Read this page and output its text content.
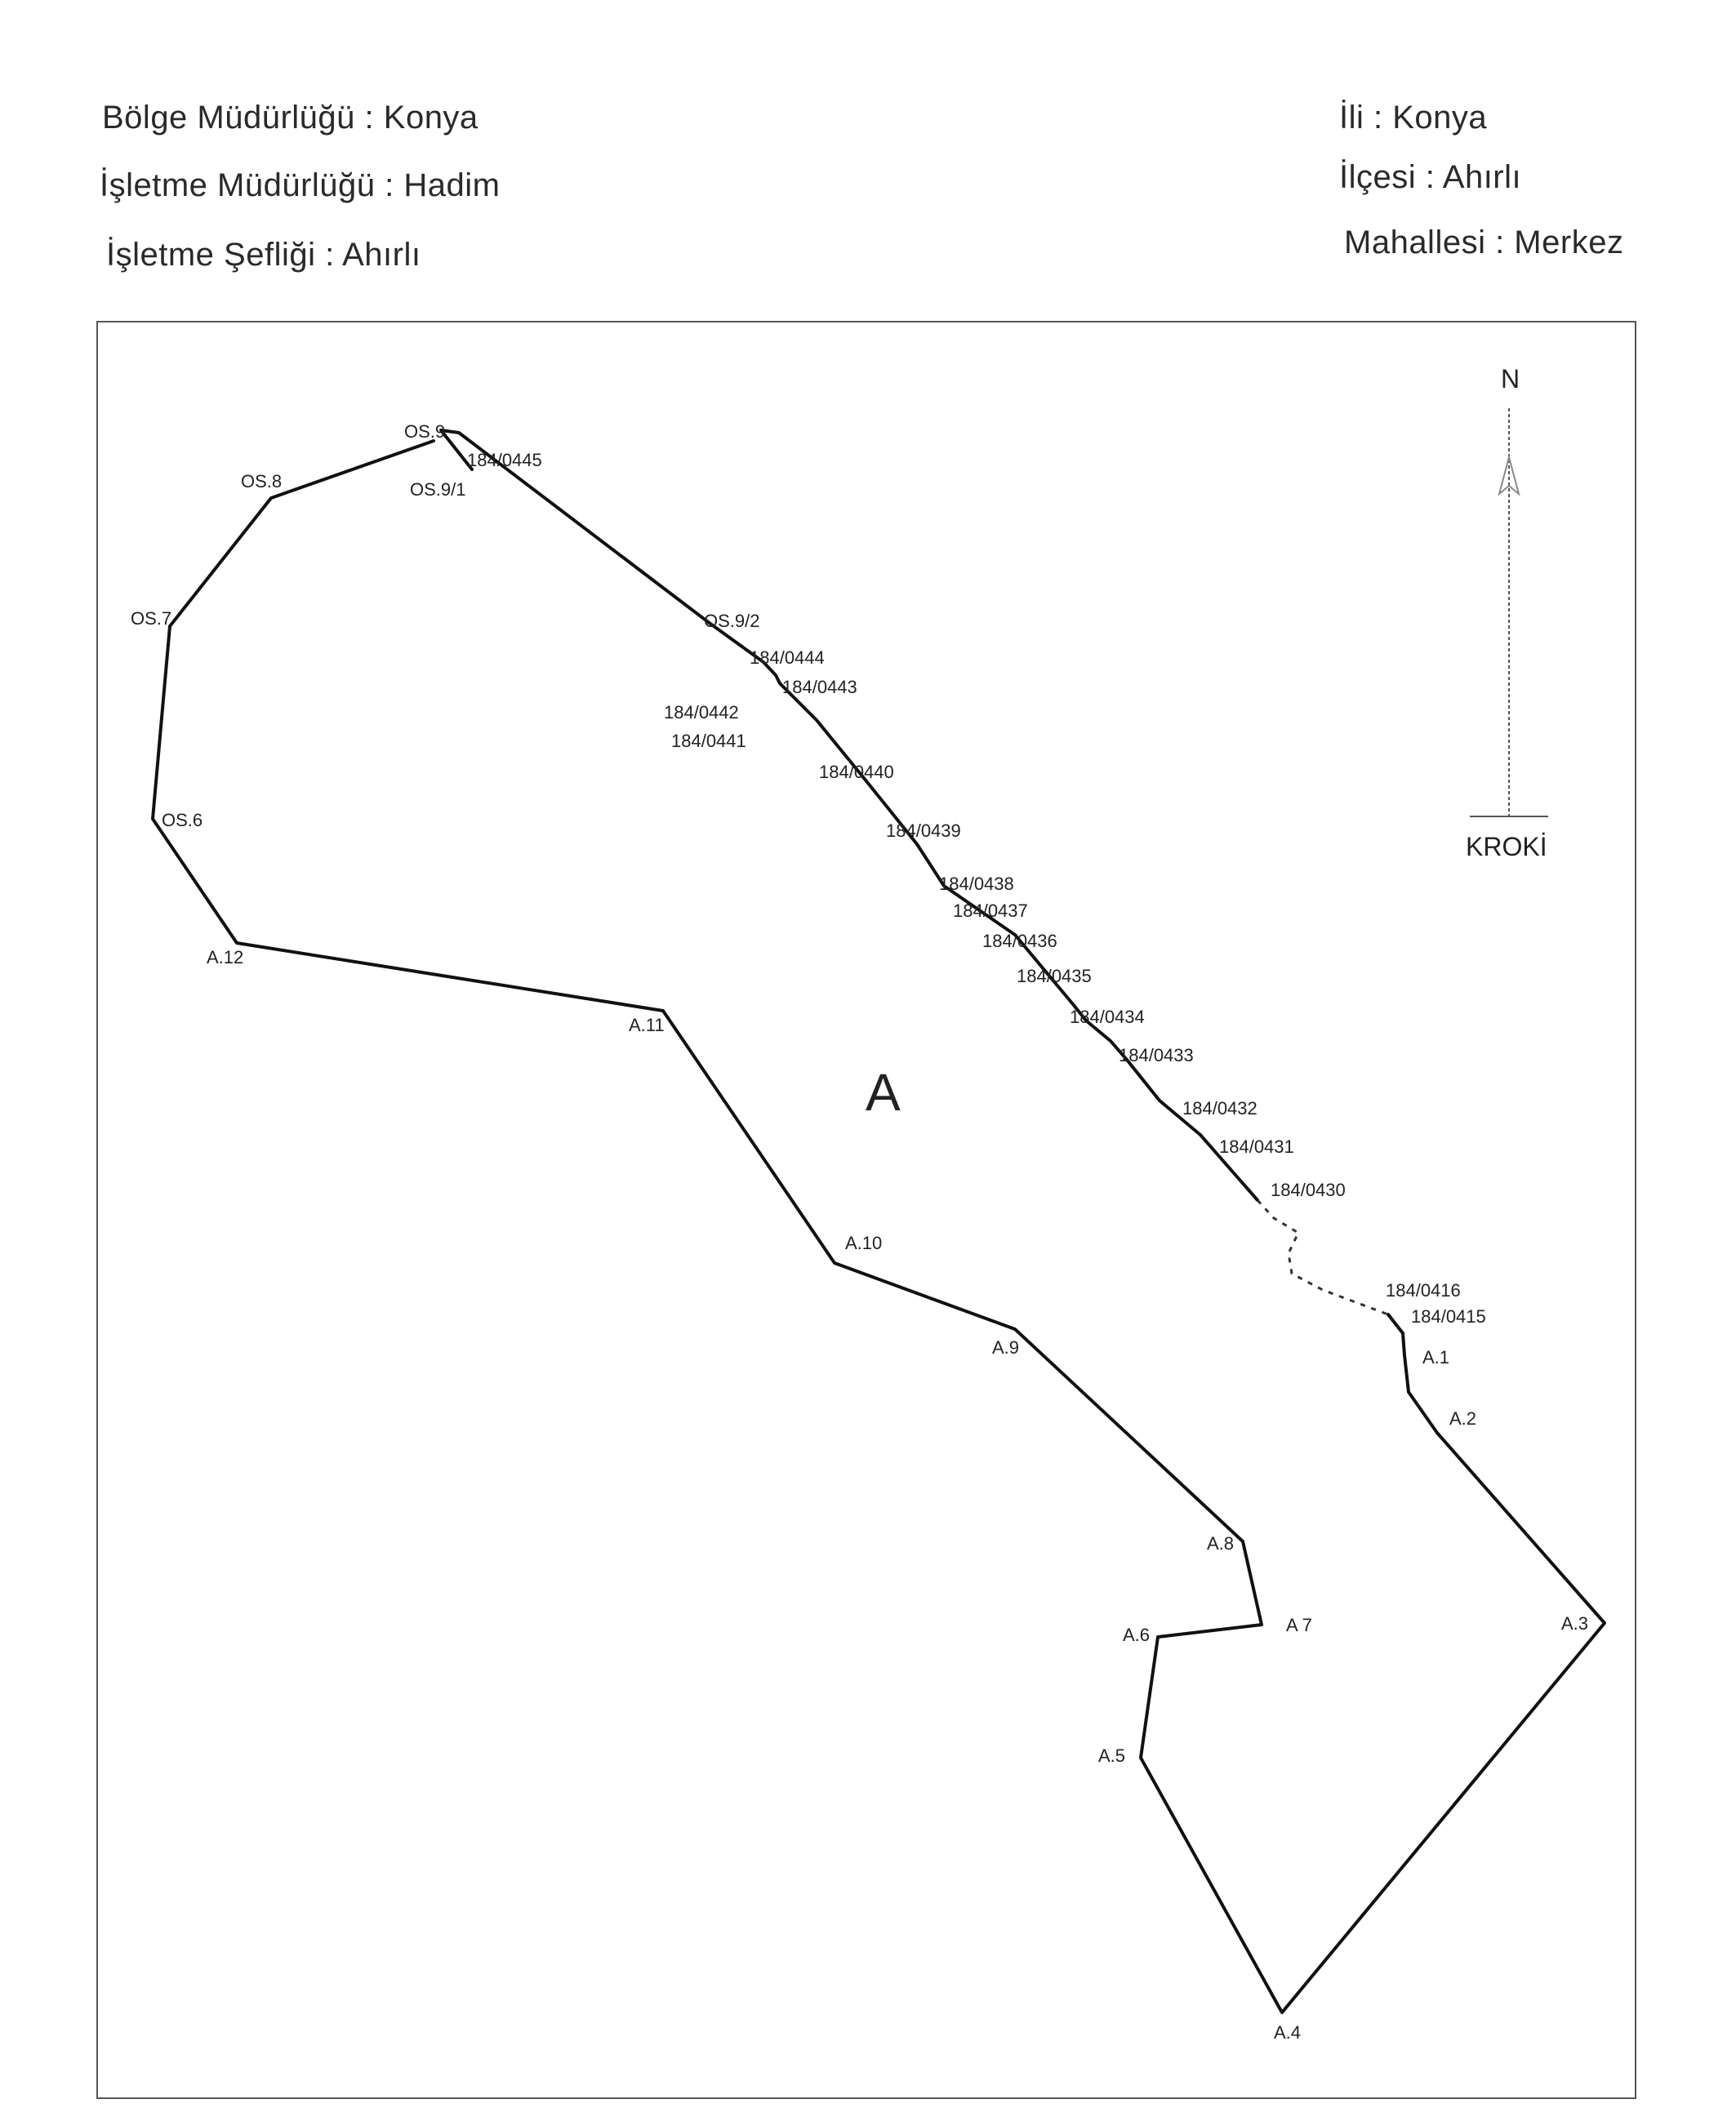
Bölge Müdürlüğü : Konya
İşletme Müdürlüğü : Hadim
İşletme Şefliği : Ahırlı
İli : Konya
İlçesi : Ahırlı
Mahallesi : Merkez
N
KROKİ
A
OS.9
OS.9/1
OS.9/2
OS.8
OS.7
OS.6
A.12
A.11
A.10
A.9
A.8
A 7
A.6
A.5
A.4
A.3
A.2
A.1
184/0445
184/0444
184/0443
184/0442
184/0441
184/0440
184/0439
184/0438
184/0437
184/0436
184/0435
184/0434
184/0433
184/0432
184/0431
184/0430
184/0416
184/0415
